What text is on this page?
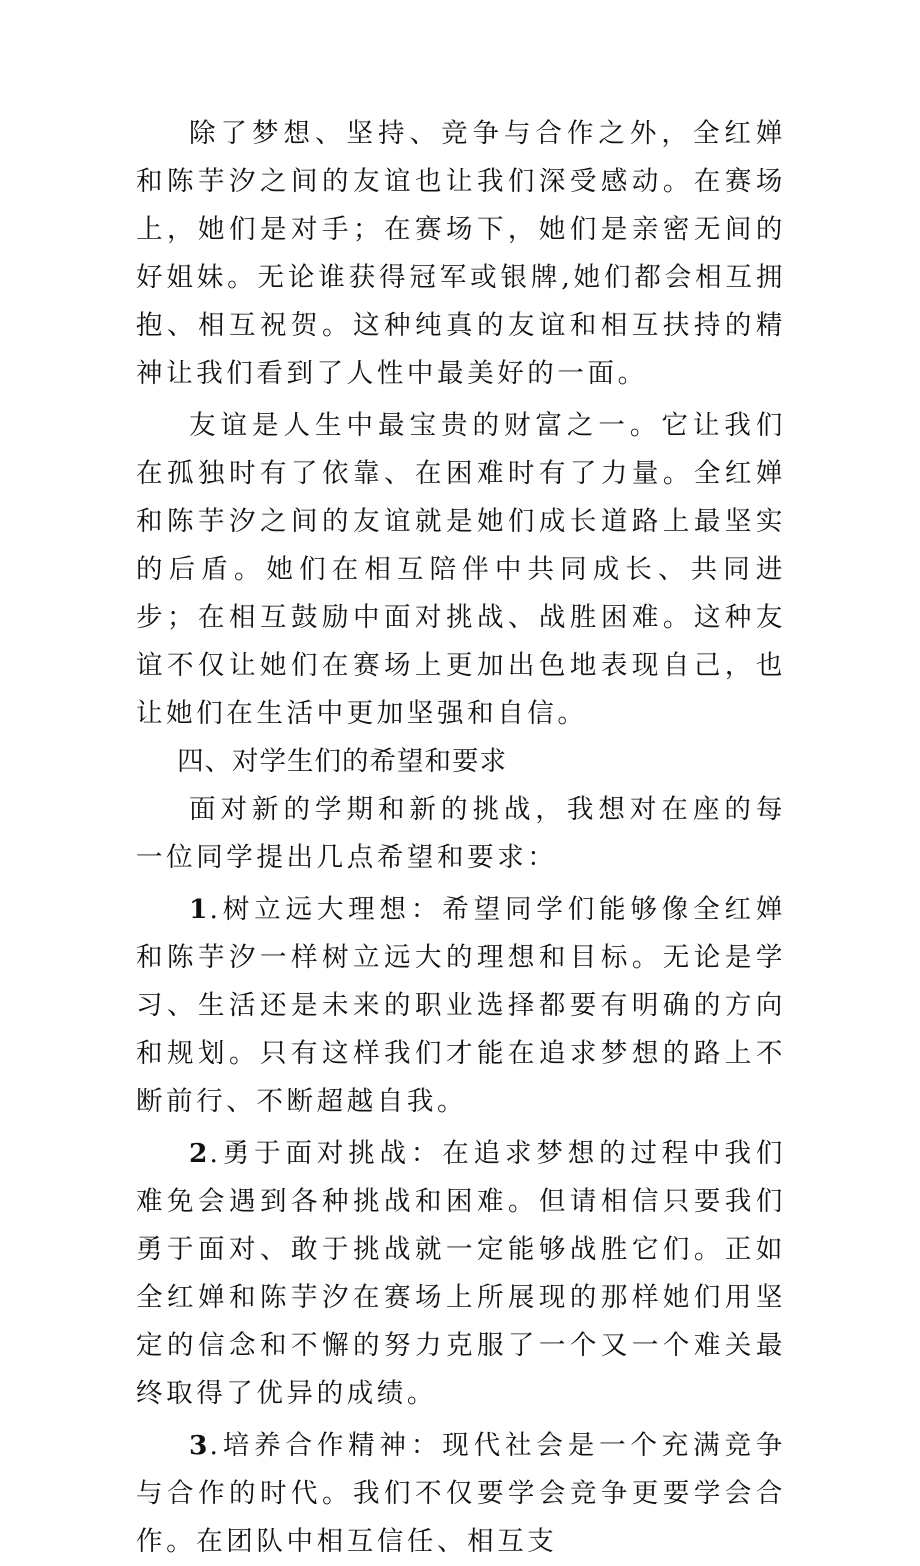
除了梦想、坚持、竞争与合作之外，全红婵和陈芋汐之间的友谊也让我们深受感动。在赛场上，她们是对手；在赛场下，她们是亲密无间的好姐妹。无论谁获得冠军或银牌,她们都会相互拥抱、相互祝贺。这种纯真的友谊和相互扶持的精神让我们看到了人性中最美好的一面。

友谊是人生中最宝贵的财富之一。它让我们在孤独时有了依靠、在困难时有了力量。全红婵和陈芋汐之间的友谊就是她们成长道路上最坚实的后盾。她们在相互陪伴中共同成长、共同进步；在相互鼓励中面对挑战、战胜困难。这种友谊不仅让她们在赛场上更加出色地表现自己，也让她们在生活中更加坚强和自信。

四、对学生们的希望和要求

面对新的学期和新的挑战，我想对在座的每一位同学提出几点希望和要求：

1.树立远大理想：希望同学们能够像全红婵和陈芋汐一样树立远大的理想和目标。无论是学习、生活还是未来的职业选择都要有明确的方向和规划。只有这样我们才能在追求梦想的路上不断前行、不断超越自我。

2.勇于面对挑战：在追求梦想的过程中我们难免会遇到各种挑战和困难。但请相信只要我们勇于面对、敢于挑战就一定能够战胜它们。正如全红婵和陈芋汐在赛场上所展现的那样她们用坚定的信念和不懈的努力克服了一个又一个难关最终取得了优异的成绩。

3.培养合作精神：现代社会是一个充满竞争与合作的时代。我们不仅要学会竞争更要学会合作。在团队中相互信任、相互支
